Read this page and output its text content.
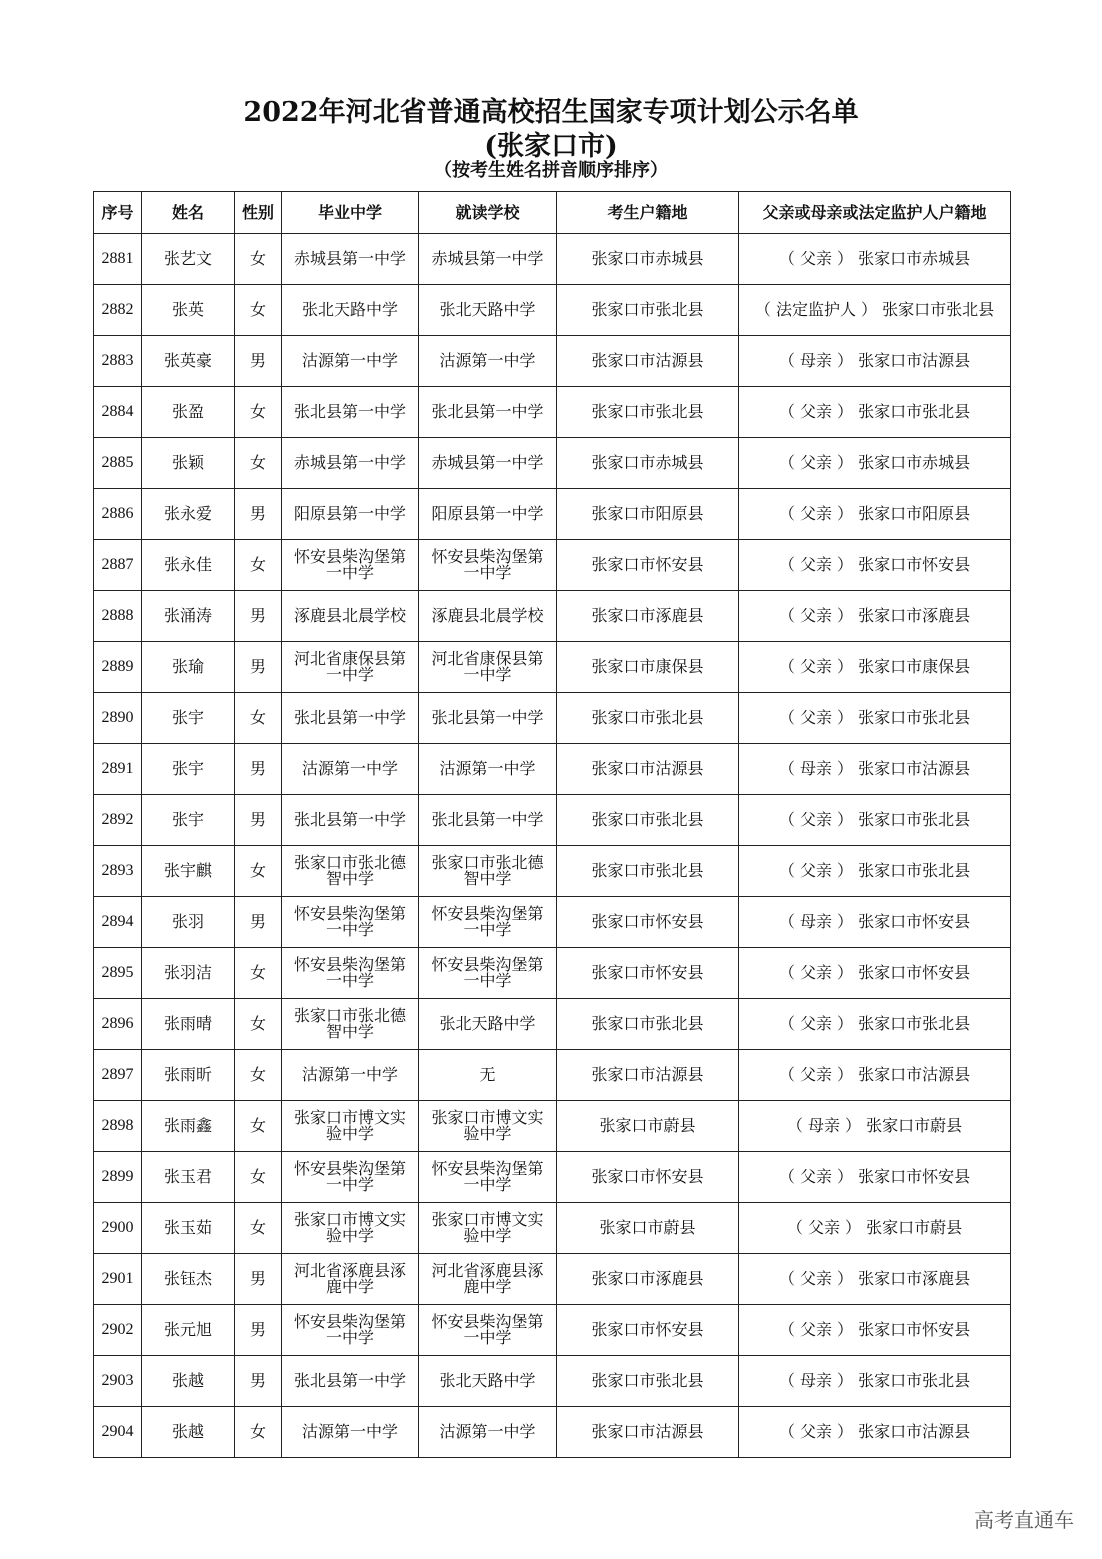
2022年河北省普通高校招生国家专项计划公示名单
(张家口市)
（按考生姓名拼音顺序排序）
序号	姓名	性别	毕业中学	就读学校	考生户籍地	父亲或母亲或法定监护人户籍地
2881	张艺文	女	赤城县第一中学	赤城县第一中学	张家口市赤城县	（ 父亲 ） 张家口市赤城县
2882	张英	女	张北天路中学	张北天路中学	张家口市张北县	（ 法定监护人 ） 张家口市张北县
2883	张英豪	男	沽源第一中学	沽源第一中学	张家口市沽源县	（ 母亲 ） 张家口市沽源县
2884	张盈	女	张北县第一中学	张北县第一中学	张家口市张北县	（ 父亲 ） 张家口市张北县
2885	张颖	女	赤城县第一中学	赤城县第一中学	张家口市赤城县	（ 父亲 ） 张家口市赤城县
2886	张永爱	男	阳原县第一中学	阳原县第一中学	张家口市阳原县	（ 父亲 ） 张家口市阳原县
2887	张永佳	女	怀安县柴沟堡第一中学	怀安县柴沟堡第一中学	张家口市怀安县	（ 父亲 ） 张家口市怀安县
2888	张涌涛	男	涿鹿县北晨学校	涿鹿县北晨学校	张家口市涿鹿县	（ 父亲 ） 张家口市涿鹿县
2889	张瑜	男	河北省康保县第一中学	河北省康保县第一中学	张家口市康保县	（ 父亲 ） 张家口市康保县
2890	张宇	女	张北县第一中学	张北县第一中学	张家口市张北县	（ 父亲 ） 张家口市张北县
2891	张宇	男	沽源第一中学	沽源第一中学	张家口市沽源县	（ 母亲 ） 张家口市沽源县
2892	张宇	男	张北县第一中学	张北县第一中学	张家口市张北县	（ 父亲 ） 张家口市张北县
2893	张宇麒	女	张家口市张北德智中学	张家口市张北德智中学	张家口市张北县	（ 父亲 ） 张家口市张北县
2894	张羽	男	怀安县柴沟堡第一中学	怀安县柴沟堡第一中学	张家口市怀安县	（ 母亲 ） 张家口市怀安县
2895	张羽洁	女	怀安县柴沟堡第一中学	怀安县柴沟堡第一中学	张家口市怀安县	（ 父亲 ） 张家口市怀安县
2896	张雨晴	女	张家口市张北德智中学	张北天路中学	张家口市张北县	（ 父亲 ） 张家口市张北县
2897	张雨昕	女	沽源第一中学	无	张家口市沽源县	（ 父亲 ） 张家口市沽源县
2898	张雨鑫	女	张家口市博文实验中学	张家口市博文实验中学	张家口市蔚县	（ 母亲 ） 张家口市蔚县
2899	张玉君	女	怀安县柴沟堡第一中学	怀安县柴沟堡第一中学	张家口市怀安县	（ 父亲 ） 张家口市怀安县
2900	张玉茹	女	张家口市博文实验中学	张家口市博文实验中学	张家口市蔚县	（ 父亲 ） 张家口市蔚县
2901	张钰杰	男	河北省涿鹿县涿鹿中学	河北省涿鹿县涿鹿中学	张家口市涿鹿县	（ 父亲 ） 张家口市涿鹿县
2902	张元旭	男	怀安县柴沟堡第一中学	怀安县柴沟堡第一中学	张家口市怀安县	（ 父亲 ） 张家口市怀安县
2903	张越	男	张北县第一中学	张北天路中学	张家口市张北县	（ 母亲 ） 张家口市张北县
2904	张越	女	沽源第一中学	沽源第一中学	张家口市沽源县	（ 父亲 ） 张家口市沽源县
高考直通车
